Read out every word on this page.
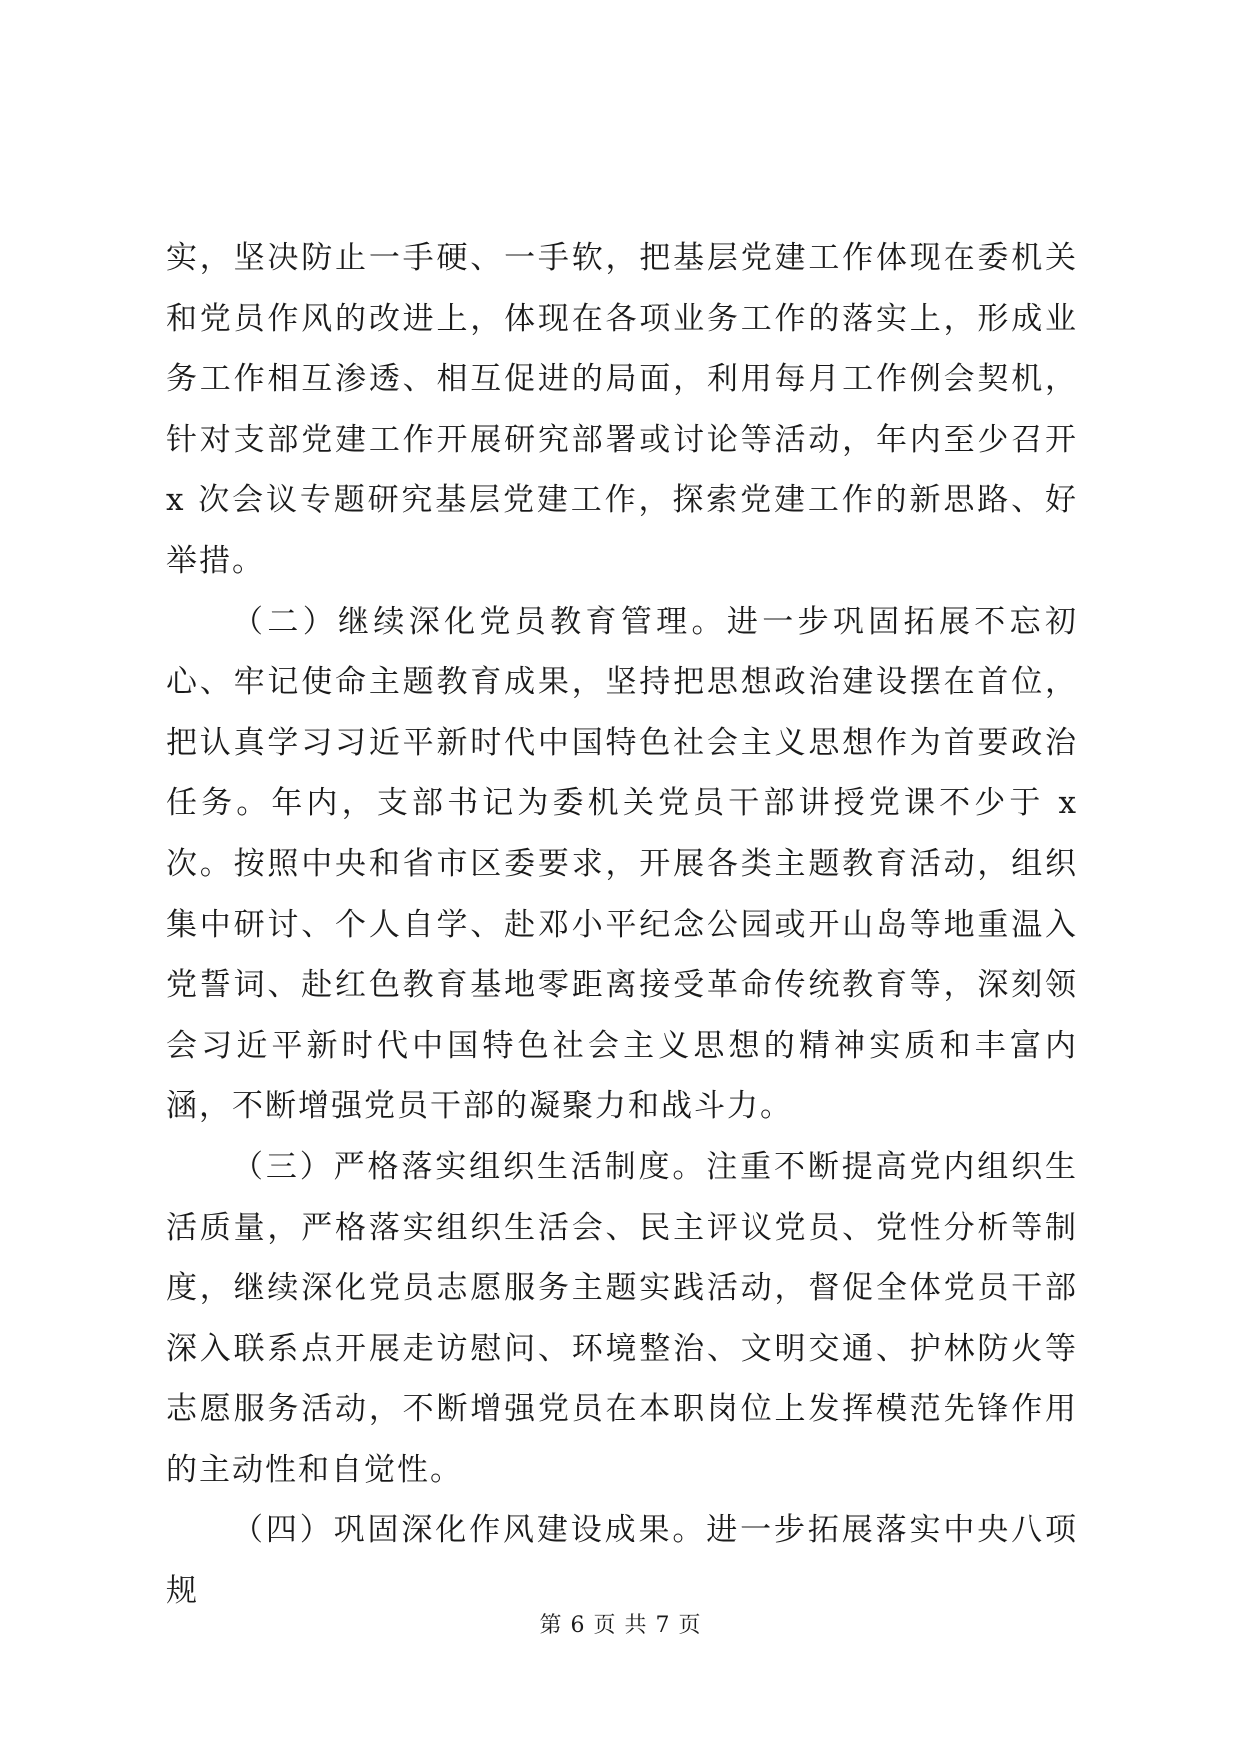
实，坚决防止一手硬、一手软，把基层党建工作体现在委机关和党员作风的改进上，体现在各项业务工作的落实上，形成业务工作相互渗透、相互促进的局面，利用每月工作例会契机，针对支部党建工作开展研究部署或讨论等活动，年内至少召开 x 次会议专题研究基层党建工作，探索党建工作的新思路、好举措。

（二）继续深化党员教育管理。进一步巩固拓展不忘初心、牢记使命主题教育成果，坚持把思想政治建设摆在首位，把认真学习习近平新时代中国特色社会主义思想作为首要政治任务。年内，支部书记为委机关党员干部讲授党课不少于 x 次。按照中央和省市区委要求，开展各类主题教育活动，组织集中研讨、个人自学、赴邓小平纪念公园或开山岛等地重温入党誓词、赴红色教育基地零距离接受革命传统教育等，深刻领会习近平新时代中国特色社会主义思想的精神实质和丰富内涵，不断增强党员干部的凝聚力和战斗力。

（三）严格落实组织生活制度。注重不断提高党内组织生活质量，严格落实组织生活会、民主评议党员、党性分析等制度，继续深化党员志愿服务主题实践活动，督促全体党员干部深入联系点开展走访慰问、环境整治、文明交通、护林防火等志愿服务活动，不断增强党员在本职岗位上发挥模范先锋作用的主动性和自觉性。

（四）巩固深化作风建设成果。进一步拓展落实中央八项规

第 6 页 共 7 页
